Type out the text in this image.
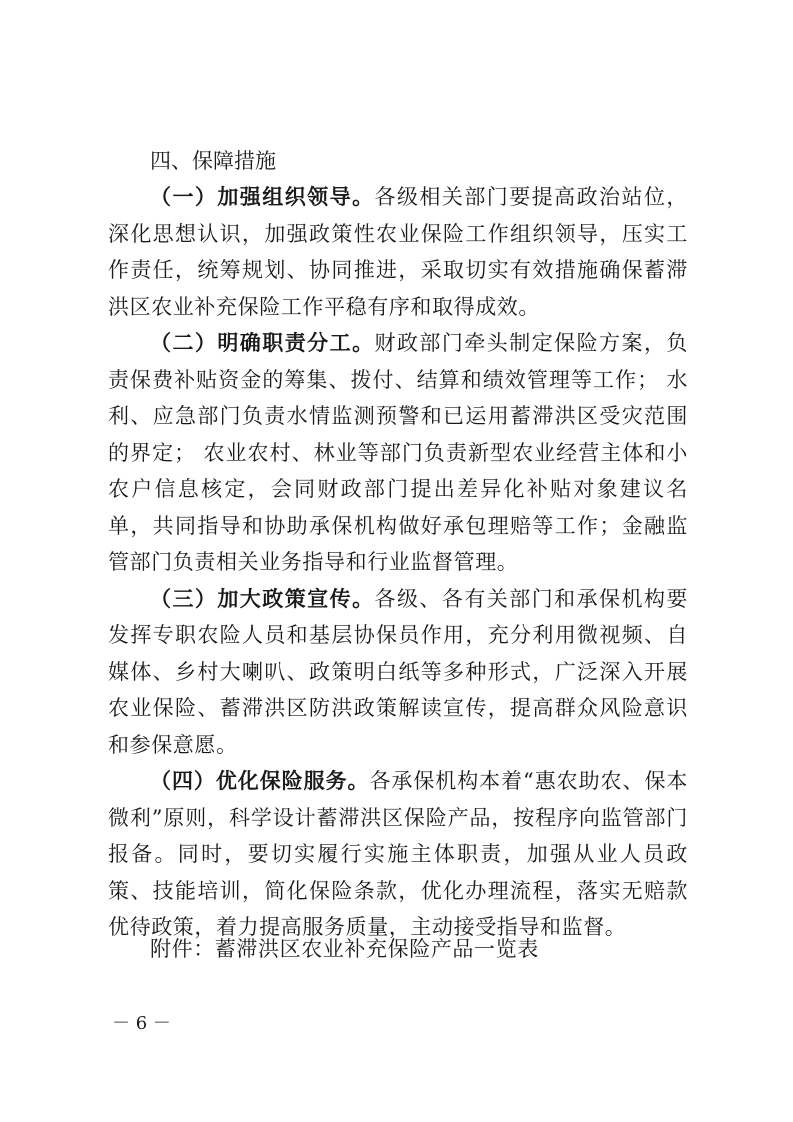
四、保障措施

（一）加强组织领导。各级相关部门要提高政治站位，深化思想认识，加强政策性农业保险工作组织领导，压实工作责任，统筹规划、协同推进，采取切实有效措施确保蓄滞洪区农业补充保险工作平稳有序和取得成效。

（二）明确职责分工。财政部门牵头制定保险方案，负责保费补贴资金的筹集、拨付、结算和绩效管理等工作； 水利、应急部门负责水情监测预警和已运用蓄滞洪区受灾范围的界定； 农业农村、林业等部门负责新型农业经营主体和小农户信息核定，会同财政部门提出差异化补贴对象建议名单，共同指导和协助承保机构做好承包理赔等工作；金融监管部门负责相关业务指导和行业监督管理。

（三）加大政策宣传。各级、各有关部门和承保机构要发挥专职农险人员和基层协保员作用，充分利用微视频、自媒体、乡村大喇叭、政策明白纸等多种形式，广泛深入开展农业保险、蓄滞洪区防洪政策解读宣传，提高群众风险意识和参保意愿。

（四）优化保险服务。各承保机构本着“惠农助农、保本微利”原则，科学设计蓄滞洪区保险产品，按程序向监管部门报备。同时，要切实履行实施主体职责，加强从业人员政策、技能培训，简化保险条款，优化办理流程，落实无赔款优待政策，着力提高服务质量，主动接受指导和监督。

附件：蓄滞洪区农业补充保险产品一览表

－ 6 －
